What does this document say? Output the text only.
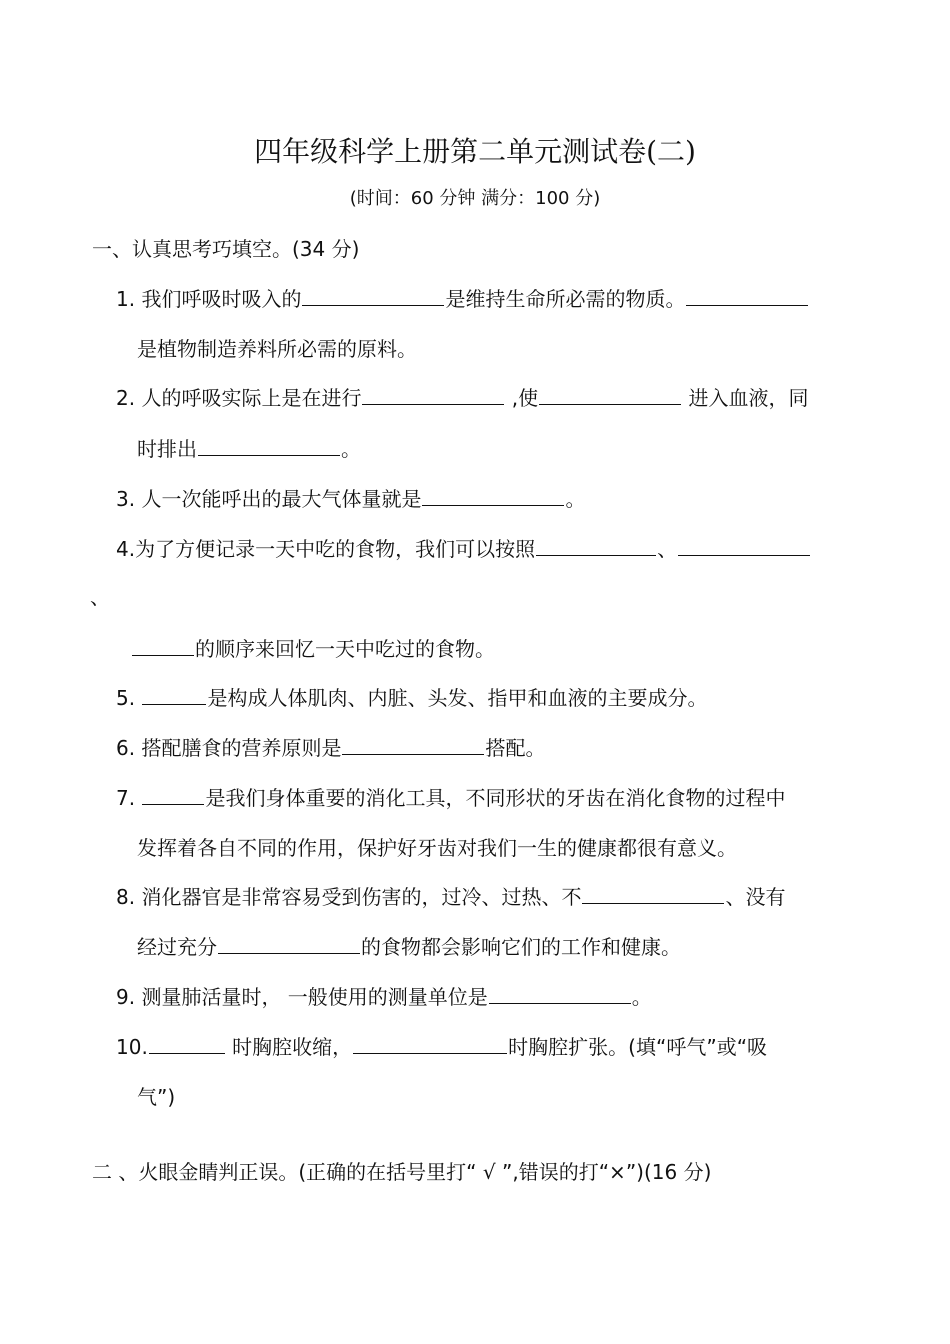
四年级科学上册第二单元测试卷(二)
(时间：60 分钟 满分：100 分)
一、认真思考巧填空。(34 分)
1. 我们呼吸时吸入的	是维持生命所必需的物质。
是植物制造养料所必需的原料。
2. 人的呼吸实际上是在进行	,使	进入血液，同
时排出	。
3. 人一次能呼出的最大气体量就是	。
4.为了方便记录一天中吃的食物，我们可以按照	、
、
的顺序来回忆一天中吃过的食物。
5.	是构成人体肌肉、内脏、头发、指甲和血液的主要成分。
6. 搭配膳食的营养原则是	搭配。
7.	是我们身体重要的消化工具，不同形状的牙齿在消化食物的过程中
发挥着各自不同的作用，保护好牙齿对我们一生的健康都很有意义。
8. 消化器官是非常容易受到伤害的，过冷、过热、不	、没有
经过充分	的食物都会影响它们的工作和健康。
9. 测量肺活量时， 一般使用的测量单位是	。
10.	时胸腔收缩，	时胸腔扩张。(填“呼气”或“吸
气”)
二 、火眼金睛判正误。(正确的在括号里打“ √ ”,错误的打“×”)(16 分)
